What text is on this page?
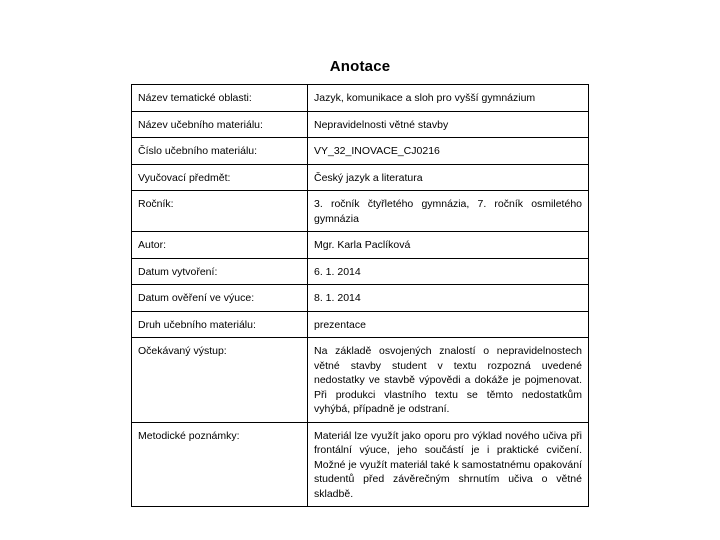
Anotace
Název tematické oblasti:	Jazyk, komunikace a sloh pro vyšší gymnázium
Název učebního materiálu:	Nepravidelnosti větné stavby
Číslo učebního materiálu:	VY_32_INOVACE_CJ0216
Vyučovací předmět:	Český jazyk a literatura
Ročník:	3. ročník čtyřletého gymnázia, 7. ročník osmiletého gymnázia
Autor:	Mgr. Karla Paclíková
Datum vytvoření:	6. 1. 2014
Datum ověření ve výuce:	8. 1. 2014
Druh učebního materiálu:	prezentace
Očekávaný výstup:	Na základě osvojených znalostí o nepravidelnostech větné stavby student v textu rozpozná uvedené nedostatky ve stavbě výpovědi a dokáže je pojmenovat. Při produkci vlastního textu se těmto nedostatkům vyhýbá, případně je odstraní.
Metodické poznámky:	Materiál lze využít jako oporu pro výklad nového učiva při frontální výuce, jeho součástí je i praktické cvičení. Možné je využít materiál také k samostatnému opakování studentů před závěrečným shrnutím učiva o větné skladbě.
